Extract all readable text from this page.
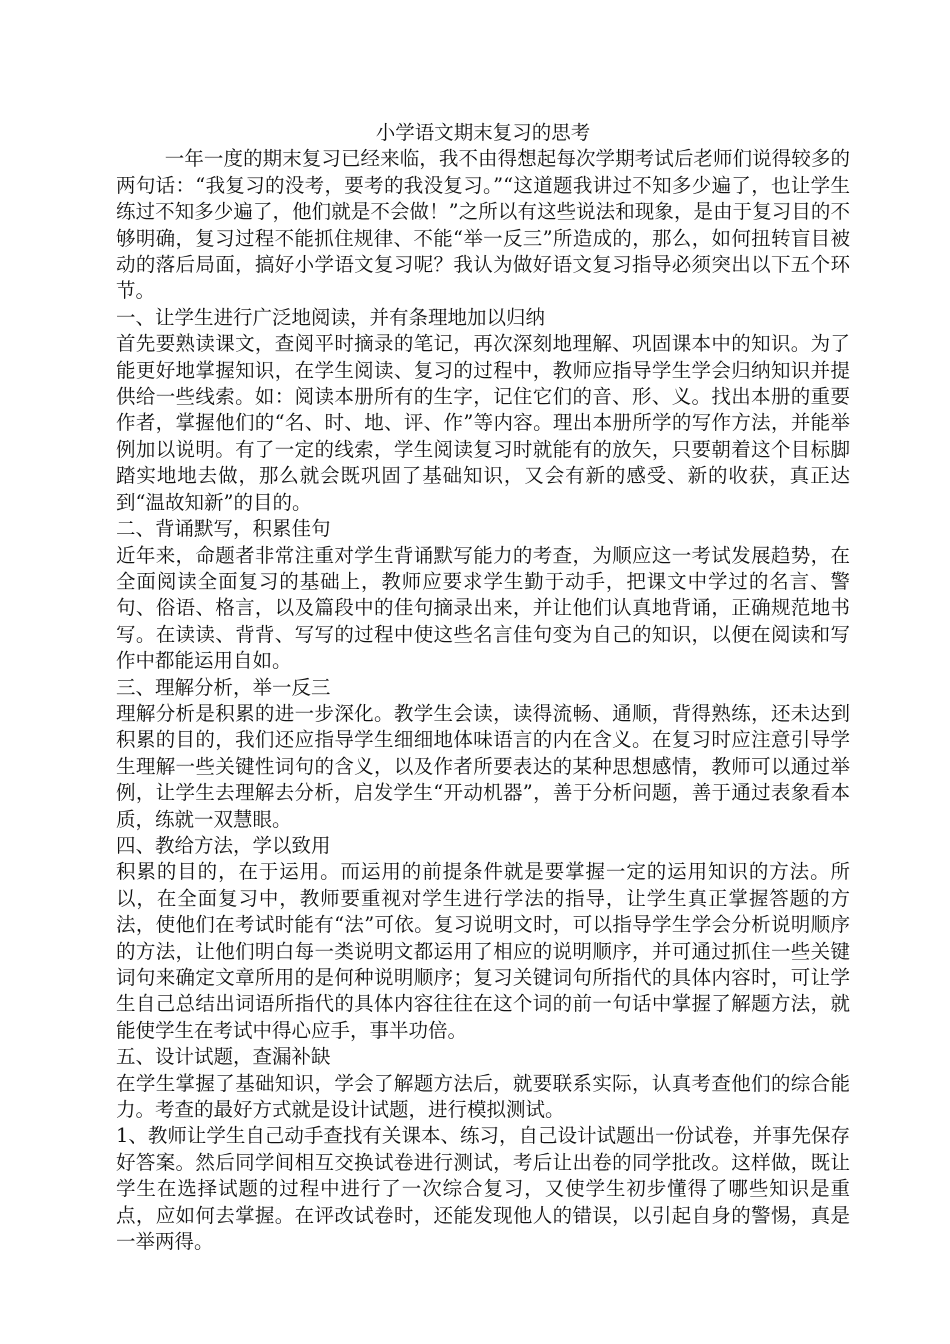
小学语文期末复习的思考

一年一度的期末复习已经来临，我不由得想起每次学期考试后老师们说得较多的两句话：“我复习的没考，要考的我没复习。”“这道题我讲过不知多少遍了，也让学生练过不知多少遍了，他们就是不会做！”之所以有这些说法和现象，是由于复习目的不够明确，复习过程不能抓住规律、不能“举一反三”所造成的，那么，如何扭转盲目被动的落后局面，搞好小学语文复习呢？我认为做好语文复习指导必须突出以下五个环节。

一、让学生进行广泛地阅读，并有条理地加以归纳

首先要熟读课文，查阅平时摘录的笔记，再次深刻地理解、巩固课本中的知识。为了能更好地掌握知识，在学生阅读、复习的过程中，教师应指导学生学会归纳知识并提供给一些线索。如：阅读本册所有的生字，记住它们的音、形、义。找出本册的重要作者，掌握他们的“名、时、地、评、作”等内容。理出本册所学的写作方法，并能举例加以说明。有了一定的线索，学生阅读复习时就能有的放矢，只要朝着这个目标脚踏实地地去做，那么就会既巩固了基础知识，又会有新的感受、新的收获，真正达到“温故知新”的目的。

二、背诵默写，积累佳句

近年来，命题者非常注重对学生背诵默写能力的考查，为顺应这一考试发展趋势，在全面阅读全面复习的基础上，教师应要求学生勤于动手，把课文中学过的名言、警句、俗语、格言，以及篇段中的佳句摘录出来，并让他们认真地背诵，正确规范地书写。在读读、背背、写写的过程中使这些名言佳句变为自己的知识，以便在阅读和写作中都能运用自如。

三、理解分析，举一反三

理解分析是积累的进一步深化。教学生会读，读得流畅、通顺，背得熟练，还未达到积累的目的，我们还应指导学生细细地体味语言的内在含义。在复习时应注意引导学生理解一些关键性词句的含义，以及作者所要表达的某种思想感情，教师可以通过举例，让学生去理解去分析，启发学生“开动机器”，善于分析问题，善于通过表象看本质，练就一双慧眼。

四、教给方法，学以致用

积累的目的，在于运用。而运用的前提条件就是要掌握一定的运用知识的方法。所以，在全面复习中，教师要重视对学生进行学法的指导，让学生真正掌握答题的方法，使他们在考试时能有“法”可依。复习说明文时，可以指导学生学会分析说明顺序的方法，让他们明白每一类说明文都运用了相应的说明顺序，并可通过抓住一些关键词句来确定文章所用的是何种说明顺序；复习关键词句所指代的具体内容时，可让学生自己总结出词语所指代的具体内容往往在这个词的前一句话中掌握了解题方法，就能使学生在考试中得心应手，事半功倍。

五、设计试题，查漏补缺

在学生掌握了基础知识，学会了解题方法后，就要联系实际，认真考查他们的综合能力。考查的最好方式就是设计试题，进行模拟测试。

1、教师让学生自己动手查找有关课本、练习，自己设计试题出一份试卷，并事先保存好答案。然后同学间相互交换试卷进行测试，考后让出卷的同学批改。这样做，既让学生在选择试题的过程中进行了一次综合复习，又使学生初步懂得了哪些知识是重点，应如何去掌握。在评改试卷时，还能发现他人的错误，以引起自身的警惕，真是一举两得。
